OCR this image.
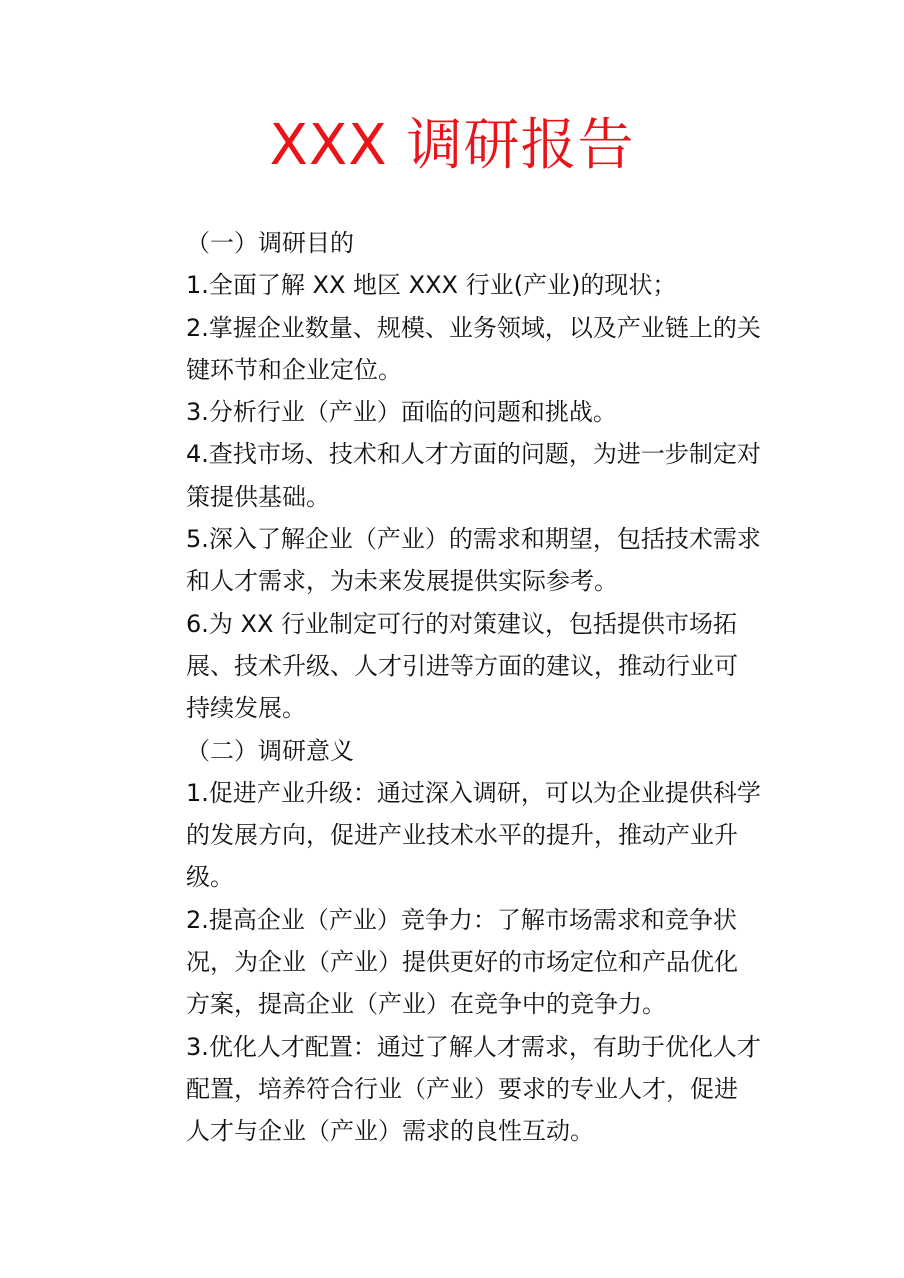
XXX 调研报告
（一）调研目的
1.全面了解 XX 地区 XXX 行业(产业)的现状；
2.掌握企业数量、规模、业务领域，以及产业链上的关
键环节和企业定位。
3.分析行业（产业）面临的问题和挑战。
4.查找市场、技术和人才方面的问题，为进一步制定对
策提供基础。
5.深入了解企业（产业）的需求和期望，包括技术需求
和人才需求，为未来发展提供实际参考。
6.为 XX 行业制定可行的对策建议，包括提供市场拓
展、技术升级、人才引进等方面的建议，推动行业可
持续发展。
（二）调研意义
1.促进产业升级：通过深入调研，可以为企业提供科学
的发展方向，促进产业技术水平的提升，推动产业升
级。
2.提高企业（产业）竞争力：了解市场需求和竞争状
况，为企业（产业）提供更好的市场定位和产品优化
方案，提高企业（产业）在竞争中的竞争力。
3.优化人才配置：通过了解人才需求，有助于优化人才
配置，培养符合行业（产业）要求的专业人才，促进
人才与企业（产业）需求的良性互动。
